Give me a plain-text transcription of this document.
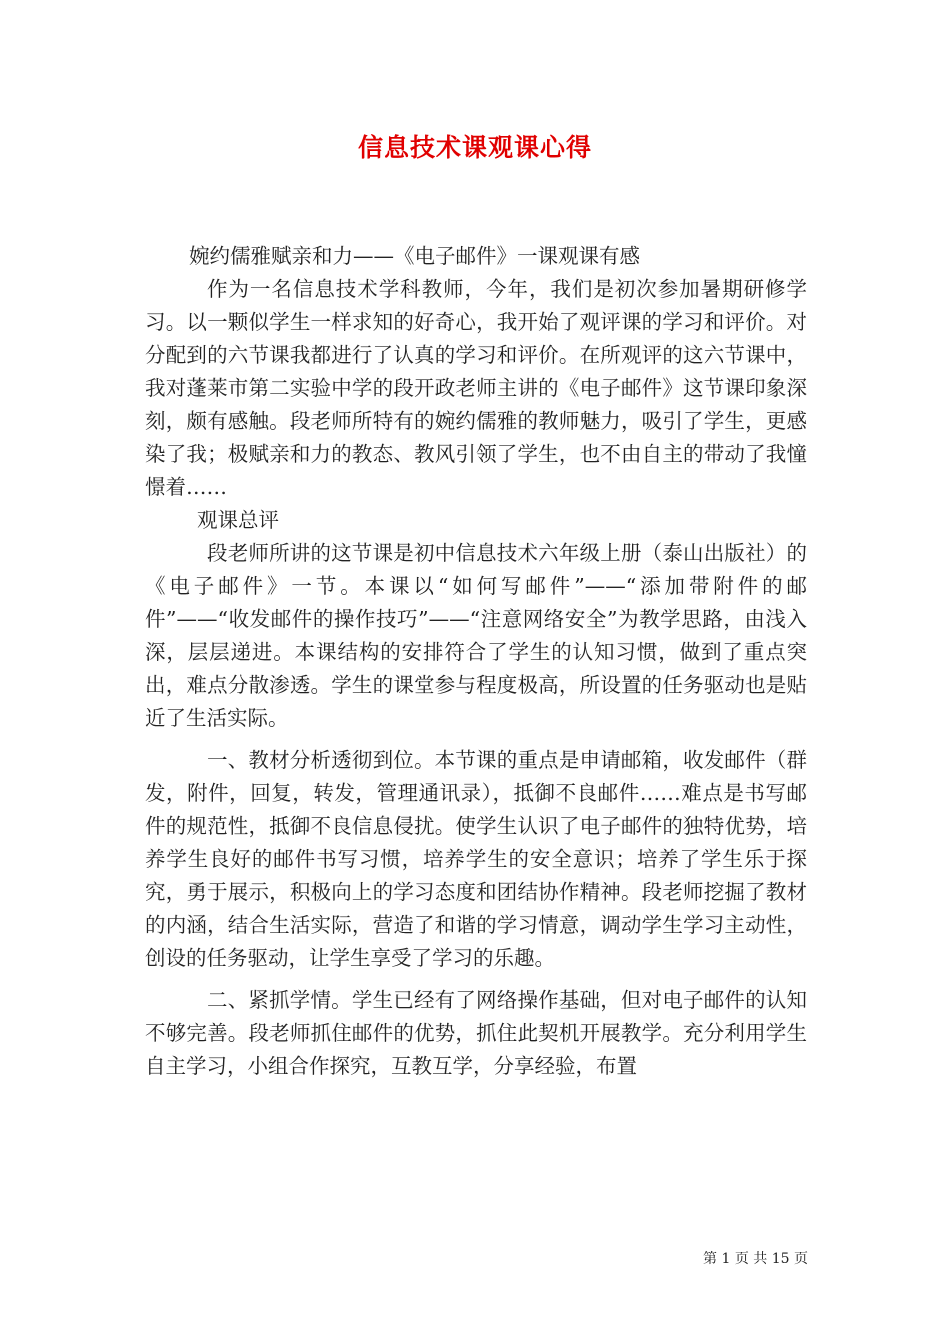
信息技术课观课心得

婉约儒雅赋亲和力——《电子邮件》一课观课有感

作为一名信息技术学科教师，今年，我们是初次参加暑期研修学习。以一颗似学生一样求知的好奇心，我开始了观评课的学习和评价。对分配到的六节课我都进行了认真的学习和评价。在所观评的这六节课中，我对蓬莱市第二实验中学的段开政老师主讲的《电子邮件》这节课印象深刻，颇有感触。段老师所特有的婉约儒雅的教师魅力，吸引了学生，更感染了我；极赋亲和力的教态、教风引领了学生，也不由自主的带动了我憧憬着……

观课总评

段老师所讲的这节课是初中信息技术六年级上册（泰山出版社）的《电子邮件》一节。本课以“如何写邮件”——“添加带附件的邮件”——“收发邮件的操作技巧”——“注意网络安全”为教学思路，由浅入深，层层递进。本课结构的安排符合了学生的认知习惯，做到了重点突出，难点分散渗透。学生的课堂参与程度极高，所设置的任务驱动也是贴近了生活实际。

一、教材分析透彻到位。本节课的重点是申请邮箱，收发邮件（群发，附件，回复，转发，管理通讯录），抵御不良邮件……难点是书写邮件的规范性，抵御不良信息侵扰。使学生认识了电子邮件的独特优势，培养学生良好的邮件书写习惯，培养学生的安全意识；培养了学生乐于探究，勇于展示，积极向上的学习态度和团结协作精神。段老师挖掘了教材的内涵，结合生活实际，营造了和谐的学习情意，调动学生学习主动性，创设的任务驱动，让学生享受了学习的乐趣。

二、紧抓学情。学生已经有了网络操作基础，但对电子邮件的认知不够完善。段老师抓住邮件的优势，抓住此契机开展教学。充分利用学生自主学习，小组合作探究，互教互学，分享经验，布置

第 1 页 共 15 页
